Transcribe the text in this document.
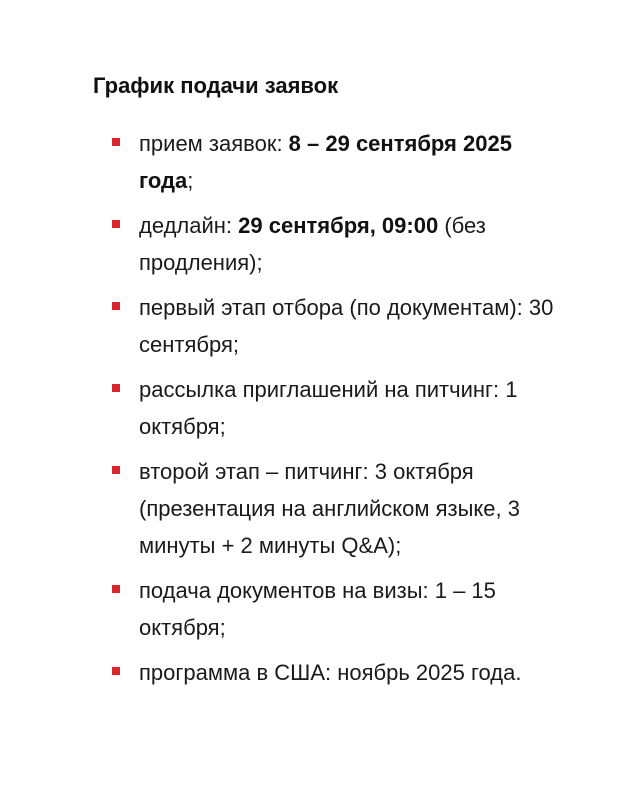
График подачи заявок
прием заявок: 8 – 29 сентября 2025 года;
дедлайн: 29 сентября, 09:00 (без продления);
первый этап отбора (по документам): 30 сентября;
рассылка приглашений на питчинг: 1 октября;
второй этап – питчинг: 3 октября (презентация на английском языке, 3 минуты + 2 минуты Q&A);
подача документов на визы: 1 – 15 октября;
программа в США: ноябрь 2025 года.
